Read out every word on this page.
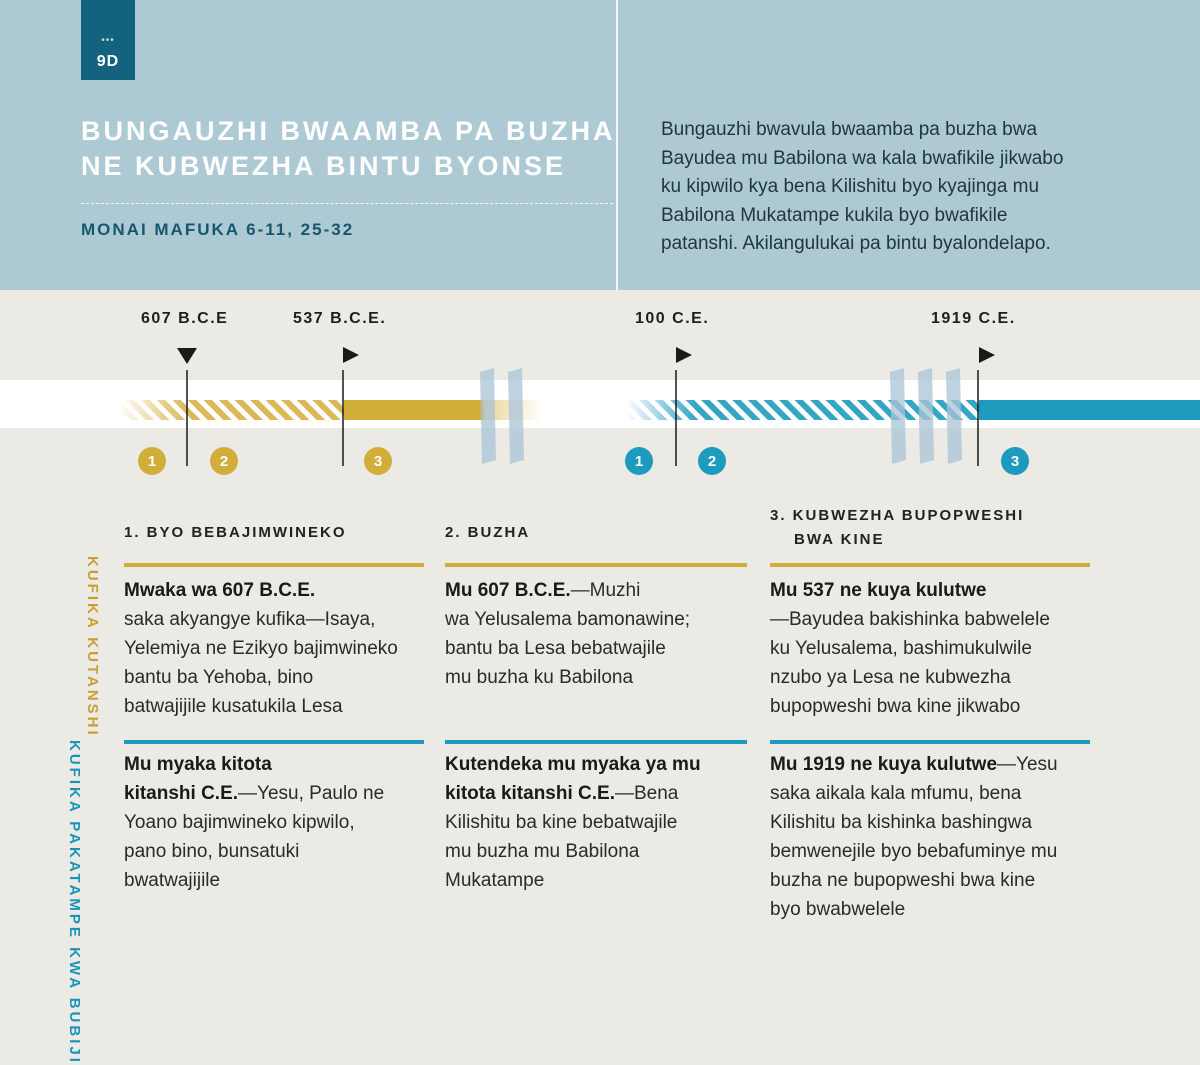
•••
9D
BUNGAUZHI BWAAMBA PA BUZHA
NE KUBWEZHA BINTU BYONSE
MONAI MAFUKA 6-11, 25-32
Bungauzhi bwavula bwaamba pa buzha bwa
Bayudea mu Babilona wa kala bwafikile jikwabo
ku kipwilo kya bena Kilishitu byo kyajinga mu
Babilona Mukatampe kukila byo bwafikile
patanshi. Akilangulukai pa bintu byalondelapo.
1	2	3	1	2	3
607 B.C.E	537 B.C.E.	100 C.E.	1919 C.E.
1. BYO BEBAJIMWINEKO	2. BUZHA
3. KUBWEZHA BUPOPWESHI
BWA KINE
KUFIKA KUTANSHI
KUFIKA PAKATAMPE KWA BUBIJI
Mwaka wa 607 B.C.E.
saka akyangye kufika—Isaya,
Yelemiya ne Ezikyo bajimwineko
bantu ba Yehoba, bino
batwajijile kusatukila Lesa
Mu 607 B.C.E.—Muzhi
wa Yelusalema bamonawine;
bantu ba Lesa bebatwajile
mu buzha ku Babilona
Mu 537 ne kuya kulutwe
—Bayudea bakishinka babwelele
ku Yelusalema, bashimukulwile
nzubo ya Lesa ne kubwezha
bupopweshi bwa kine jikwabo
Mu myaka kitota
kitanshi C.E.—Yesu, Paulo ne
Yoano bajimwineko kipwilo,
pano bino, bunsatuki
bwatwajijile
Kutendeka mu myaka ya mu
kitota kitanshi C.E.—Bena
Kilishitu ba kine bebatwajile
mu buzha mu Babilona
Mukatampe
Mu 1919 ne kuya kulutwe—Yesu
saka aikala kala mfumu, bena
Kilishitu ba kishinka bashingwa
bemwenejile byo bebafuminye mu
buzha ne bupopweshi bwa kine
byo bwabwelele
